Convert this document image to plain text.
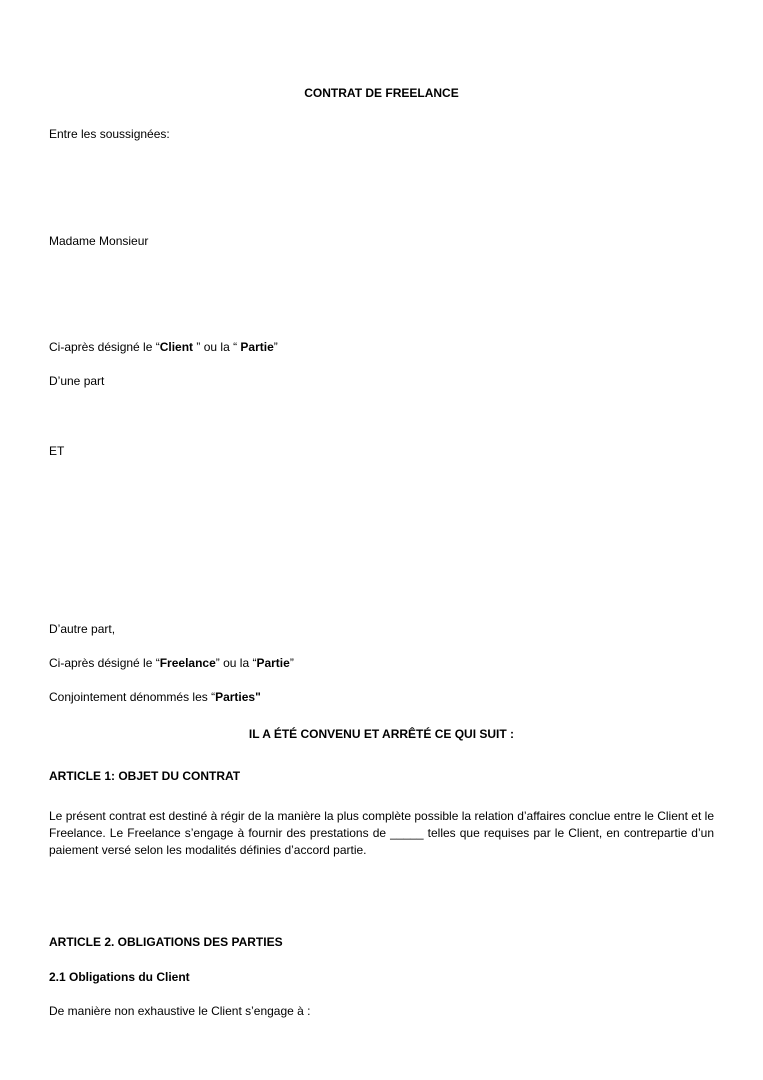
CONTRAT DE FREELANCE
Entre les soussignées:
Madame Monsieur
Ci-après désigné le “Client ” ou la “ Partie”
D’une part
ET
D’autre part,
Ci-après désigné le “Freelance” ou la “Partie”
Conjointement dénommés les “Parties"
IL A ÉTÉ CONVENU ET ARRÊTÉ CE QUI SUIT :
ARTICLE 1: OBJET DU CONTRAT
Le présent contrat est destiné à régir de la manière la plus complète possible la relation d’affaires conclue entre le Client et le Freelance. Le Freelance s’engage à fournir des prestations de _____ telles que requises par le Client, en contrepartie d’un paiement versé selon les modalités définies d’accord partie.
ARTICLE 2. OBLIGATIONS DES PARTIES
2.1 Obligations du Client
De manière non exhaustive le Client s’engage à :
